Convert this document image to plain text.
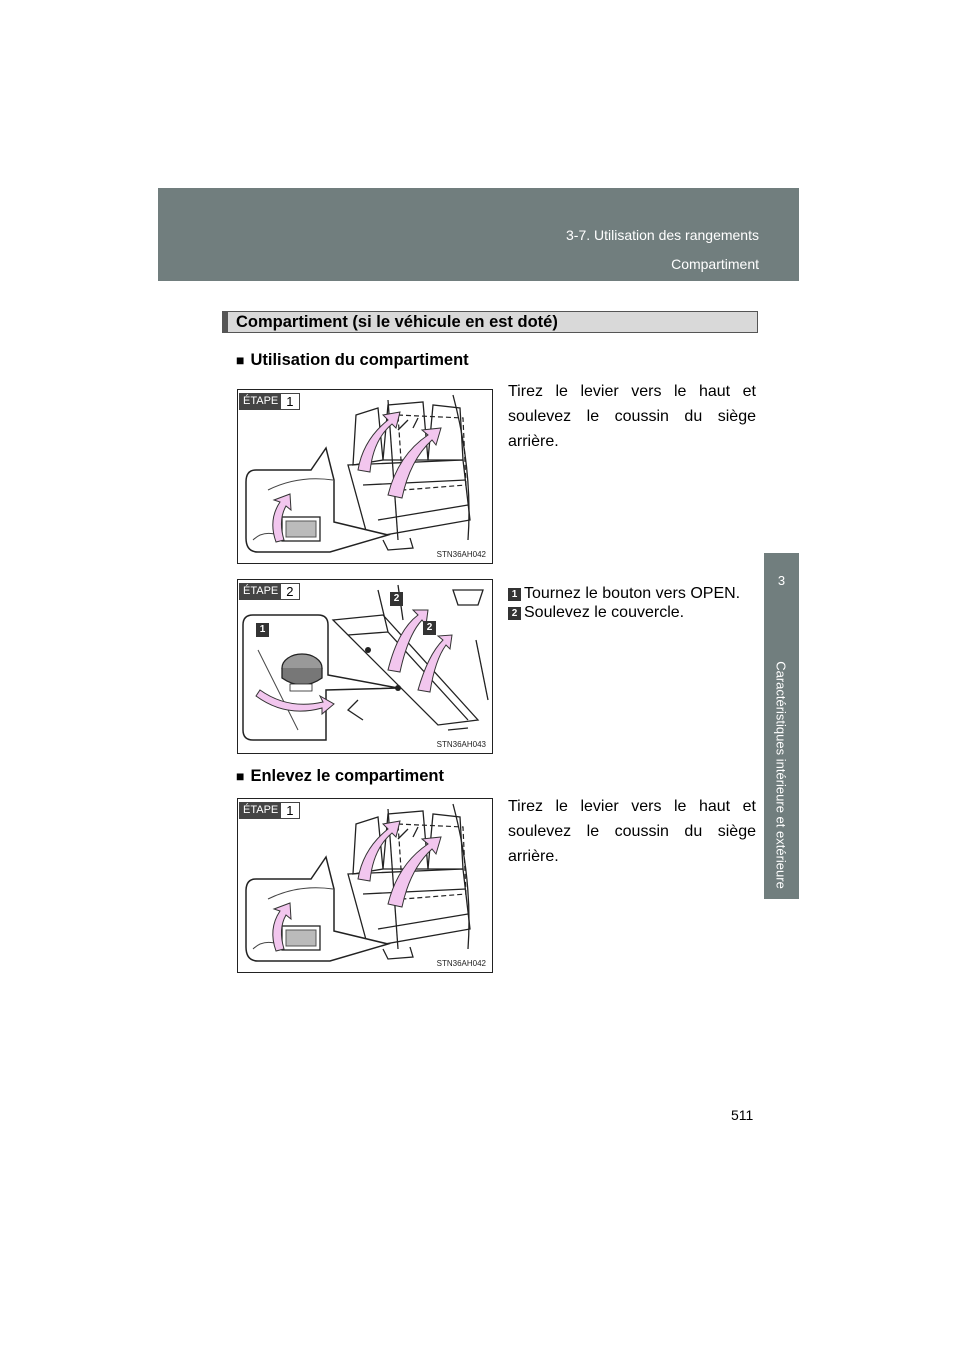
3-7. Utilisation des rangements
Compartiment
3
Caractéristiques intérieure et extérieure
Compartiment (si le véhicule en est doté)
■ Utilisation du compartiment
ÉTAPE 1
STN36AH042
Tirez le levier vers le haut et soulevez le coussin du siège arrière.
ÉTAPE 2
1
2
2
STN36AH043
1 Tournez le bouton vers OPEN.
2 Soulevez le couvercle.
■ Enlevez le compartiment
ÉTAPE 1
STN36AH042
Tirez le levier vers le haut et soulevez le coussin du siège arrière.
511
